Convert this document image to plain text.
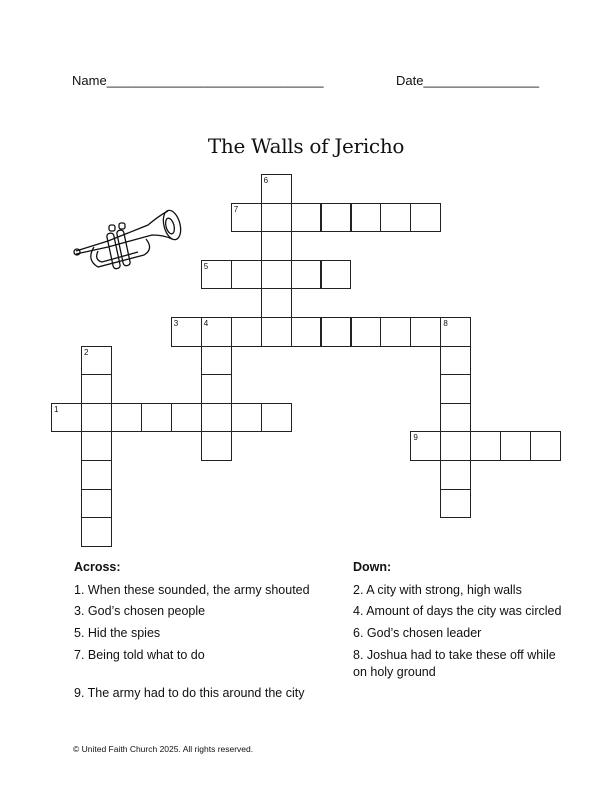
Name______________________________	Date________________
The Walls of Jericho
1
2
3	4	8
5
6
7
9
Across:
1. When these sounded, the army shouted
3. God’s chosen people
5. Hid the spies
7. Being told what to do
9. The army had to do this around the city
Down:
2. A city with strong, high walls
4. Amount of days the city was circled
6. God’s chosen leader
8. Joshua had to take these off while
on holy ground
© United Faith Church 2025. All rights reserved.
